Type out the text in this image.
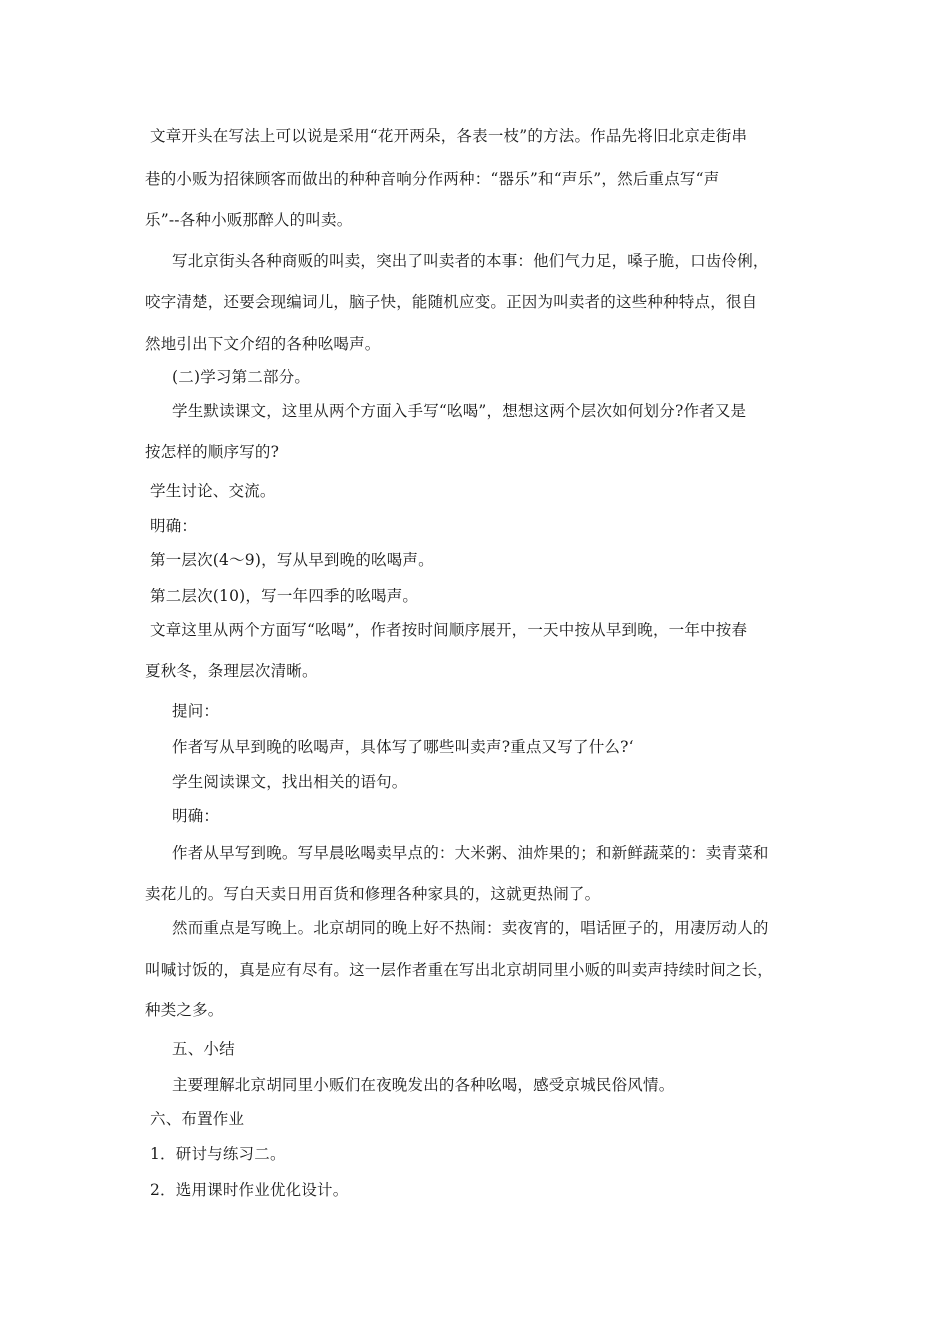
文章开头在写法上可以说是采用“花开两朵，各表一枝”的方法。作品先将旧北京走街串
巷的小贩为招徕顾客而做出的种种音响分作两种：“器乐”和“声乐”，然后重点写“声
乐”--各种小贩那醉人的叫卖。
写北京街头各种商贩的叫卖，突出了叫卖者的本事：他们气力足，嗓子脆，口齿伶俐，
咬字清楚，还要会现编词儿，脑子快，能随机应变。正因为叫卖者的这些种种特点，很自
然地引出下文介绍的各种吆喝声。
(二)学习第二部分。
学生默读课文，这里从两个方面入手写“吆喝”，想想这两个层次如何划分?作者又是
按怎样的顺序写的?
学生讨论、交流。
明确：
第一层次(4～9)，写从早到晚的吆喝声。
第二层次(10)，写一年四季的吆喝声。
文章这里从两个方面写“吆喝”，作者按时间顺序展开，一天中按从早到晚，一年中按春
夏秋冬，条理层次清晰。
提问：
作者写从早到晚的吆喝声，具体写了哪些叫卖声?重点又写了什么?‘
学生阅读课文，找出相关的语句。
明确：
作者从早写到晚。写早晨吆喝卖早点的：大米粥、油炸果的；和新鲜蔬菜的：卖青菜和
卖花儿的。写白天卖日用百货和修理各种家具的，这就更热闹了。
然而重点是写晚上。北京胡同的晚上好不热闹：卖夜宵的，唱话匣子的，用凄厉动人的
叫喊讨饭的，真是应有尽有。这一层作者重在写出北京胡同里小贩的叫卖声持续时间之长，
种类之多。
五、小结
主要理解北京胡同里小贩们在夜晚发出的各种吆喝，感受京城民俗风情。
六、布置作业
1．研讨与练习二。
2．选用课时作业优化设计。
